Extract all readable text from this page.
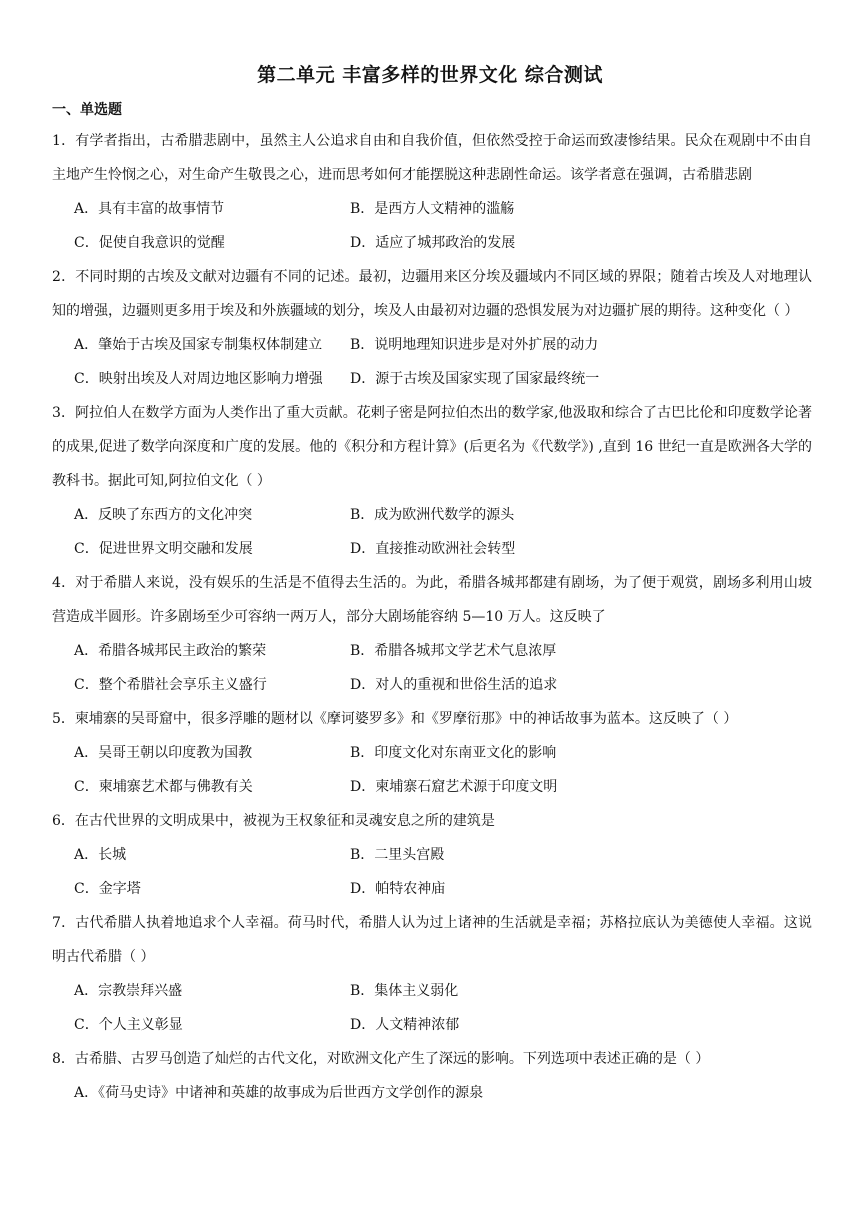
第二单元 丰富多样的世界文化 综合测试
一、单选题

1．有学者指出，古希腊悲剧中，虽然主人公追求自由和自我价值，但依然受控于命运而致凄惨结果。民众在观剧中不由自主地产生怜悯之心，对生命产生敬畏之心，进而思考如何才能摆脱这种悲剧性命运。该学者意在强调，古希腊悲剧

A．具有丰富的故事情节	B．是西方人文精神的滥觞
C．促使自我意识的觉醒	D．适应了城邦政治的发展

2．不同时期的古埃及文献对边疆有不同的记述。最初，边疆用来区分埃及疆域内不同区域的界限；随着古埃及人对地理认知的增强，边疆则更多用于埃及和外族疆域的划分，埃及人由最初对边疆的恐惧发展为对边疆扩展的期待。这种变化（ ）

A．肇始于古埃及国家专制集权体制建立	B．说明地理知识进步是对外扩展的动力
C．映射出埃及人对周边地区影响力增强	D．源于古埃及国家实现了国家最终统一

3．阿拉伯人在数学方面为人类作出了重大贡献。花剌子密是阿拉伯杰出的数学家,他汲取和综合了古巴比伦和印度数学论著的成果,促进了数学向深度和广度的发展。他的《积分和方程计算》(后更名为《代数学》) ,直到 16 世纪一直是欧洲各大学的教科书。据此可知,阿拉伯文化（ ）

A．反映了东西方的文化冲突	B．成为欧洲代数学的源头
C．促进世界文明交融和发展	D．直接推动欧洲社会转型

4．对于希腊人来说，没有娱乐的生活是不值得去生活的。为此，希腊各城邦都建有剧场，为了便于观赏，剧场多利用山坡营造成半圆形。许多剧场至少可容纳一两万人，部分大剧场能容纳 5—10 万人。这反映了

A．希腊各城邦民主政治的繁荣	B．希腊各城邦文学艺术气息浓厚
C．整个希腊社会享乐主义盛行	D．对人的重视和世俗生活的追求

5．柬埔寨的吴哥窟中，很多浮雕的题材以《摩诃婆罗多》和《罗摩衍那》中的神话故事为蓝本。这反映了（ ）

A．吴哥王朝以印度教为国教	B．印度文化对东南亚文化的影响
C．柬埔寨艺术都与佛教有关	D．柬埔寨石窟艺术源于印度文明

6．在古代世界的文明成果中，被视为王权象征和灵魂安息之所的建筑是

A．长城	B．二里头宫殿
C．金字塔	D．帕特农神庙

7．古代希腊人执着地追求个人幸福。荷马时代，希腊人认为过上诸神的生活就是幸福；苏格拉底认为美德使人幸福。这说明古代希腊（ ）

A．宗教崇拜兴盛	B．集体主义弱化
C．个人主义彰显	D．人文精神浓郁

8．古希腊、古罗马创造了灿烂的古代文化，对欧洲文化产生了深远的影响。下列选项中表述正确的是（ ）

A．《荷马史诗》中诸神和英雄的故事成为后世西方文学创作的源泉
